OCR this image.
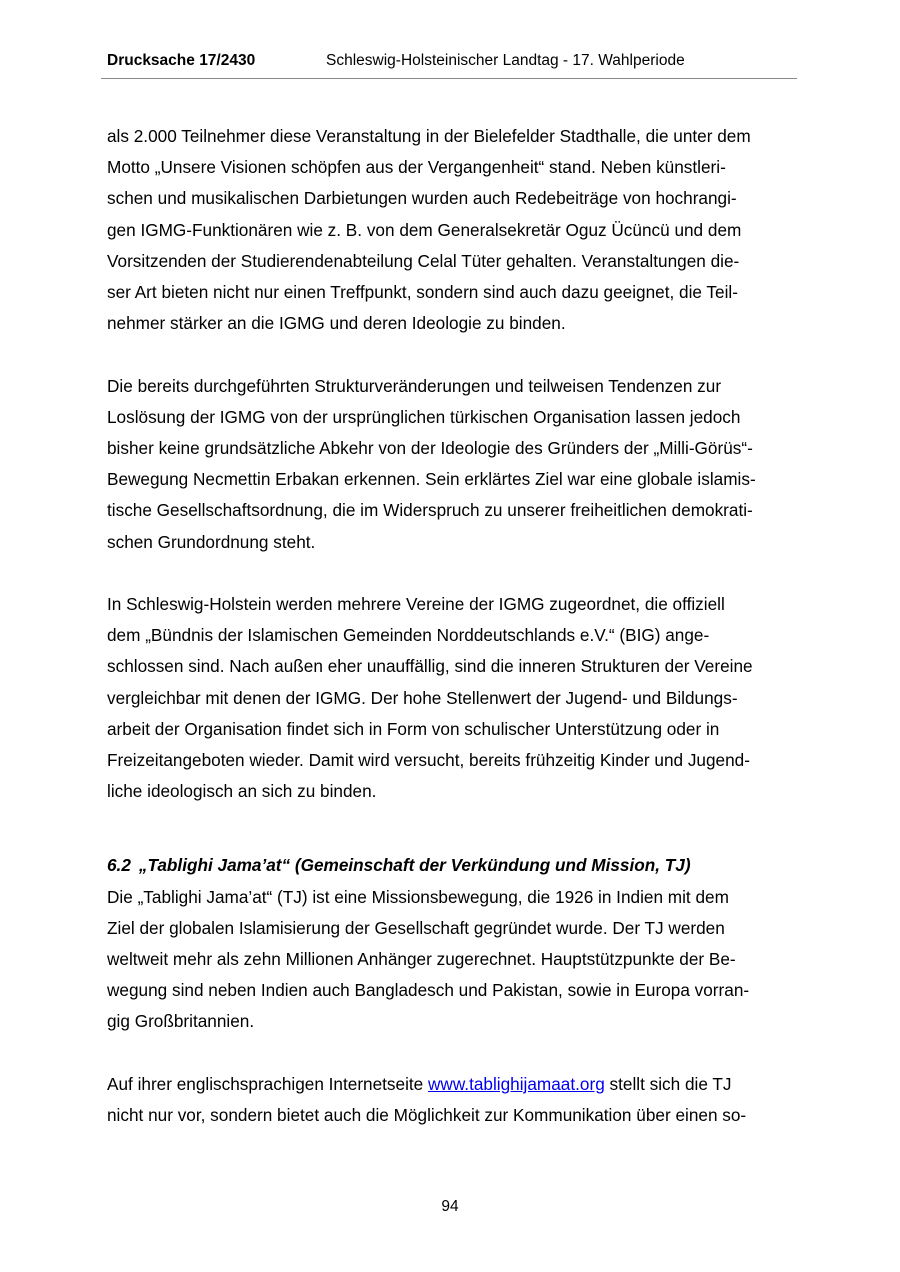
Drucksache 17/2430	Schleswig-Holsteinischer Landtag - 17. Wahlperiode

als 2.000 Teilnehmer diese Veranstaltung in der Bielefelder Stadthalle, die unter dem
Motto „Unsere Visionen schöpfen aus der Vergangenheit“ stand. Neben künstleri-
schen und musikalischen Darbietungen wurden auch Redebeiträge von hochrangi-
gen IGMG-Funktionären wie z. B. von dem Generalsekretär Oguz Ücüncü und dem
Vorsitzenden der Studierendenabteilung Celal Tüter gehalten. Veranstaltungen die-
ser Art bieten nicht nur einen Treffpunkt, sondern sind auch dazu geeignet, die Teil-
nehmer stärker an die IGMG und deren Ideologie zu binden.

Die bereits durchgeführten Strukturveränderungen und teilweisen Tendenzen zur
Loslösung der IGMG von der ursprünglichen türkischen Organisation lassen jedoch
bisher keine grundsätzliche Abkehr von der Ideologie des Gründers der „Milli-Görüs“-
Bewegung Necmettin Erbakan erkennen. Sein erklärtes Ziel war eine globale islamis-
tische Gesellschaftsordnung, die im Widerspruch zu unserer freiheitlichen demokrati-
schen Grundordnung steht.

In Schleswig-Holstein werden mehrere Vereine der IGMG zugeordnet, die offiziell
dem „Bündnis der Islamischen Gemeinden Norddeutschlands e.V.“ (BIG) ange-
schlossen sind. Nach außen eher unauffällig, sind die inneren Strukturen der Vereine
vergleichbar mit denen der IGMG. Der hohe Stellenwert der Jugend- und Bildungs-
arbeit der Organisation findet sich in Form von schulischer Unterstützung oder in
Freizeitangeboten wieder. Damit wird versucht, bereits frühzeitig Kinder und Jugend-
liche ideologisch an sich zu binden.

6.2 „Tablighi Jama’at“ (Gemeinschaft der Verkündung und Mission, TJ)

Die „Tablighi Jama’at“ (TJ) ist eine Missionsbewegung, die 1926 in Indien mit dem
Ziel der globalen Islamisierung der Gesellschaft gegründet wurde. Der TJ werden
weltweit mehr als zehn Millionen Anhänger zugerechnet. Hauptstützpunkte der Be-
wegung sind neben Indien auch Bangladesch und Pakistan, sowie in Europa vorran-
gig Großbritannien.

Auf ihrer englischsprachigen Internetseite www.tablighijamaat.org stellt sich die TJ
nicht nur vor, sondern bietet auch die Möglichkeit zur Kommunikation über einen so-

94
